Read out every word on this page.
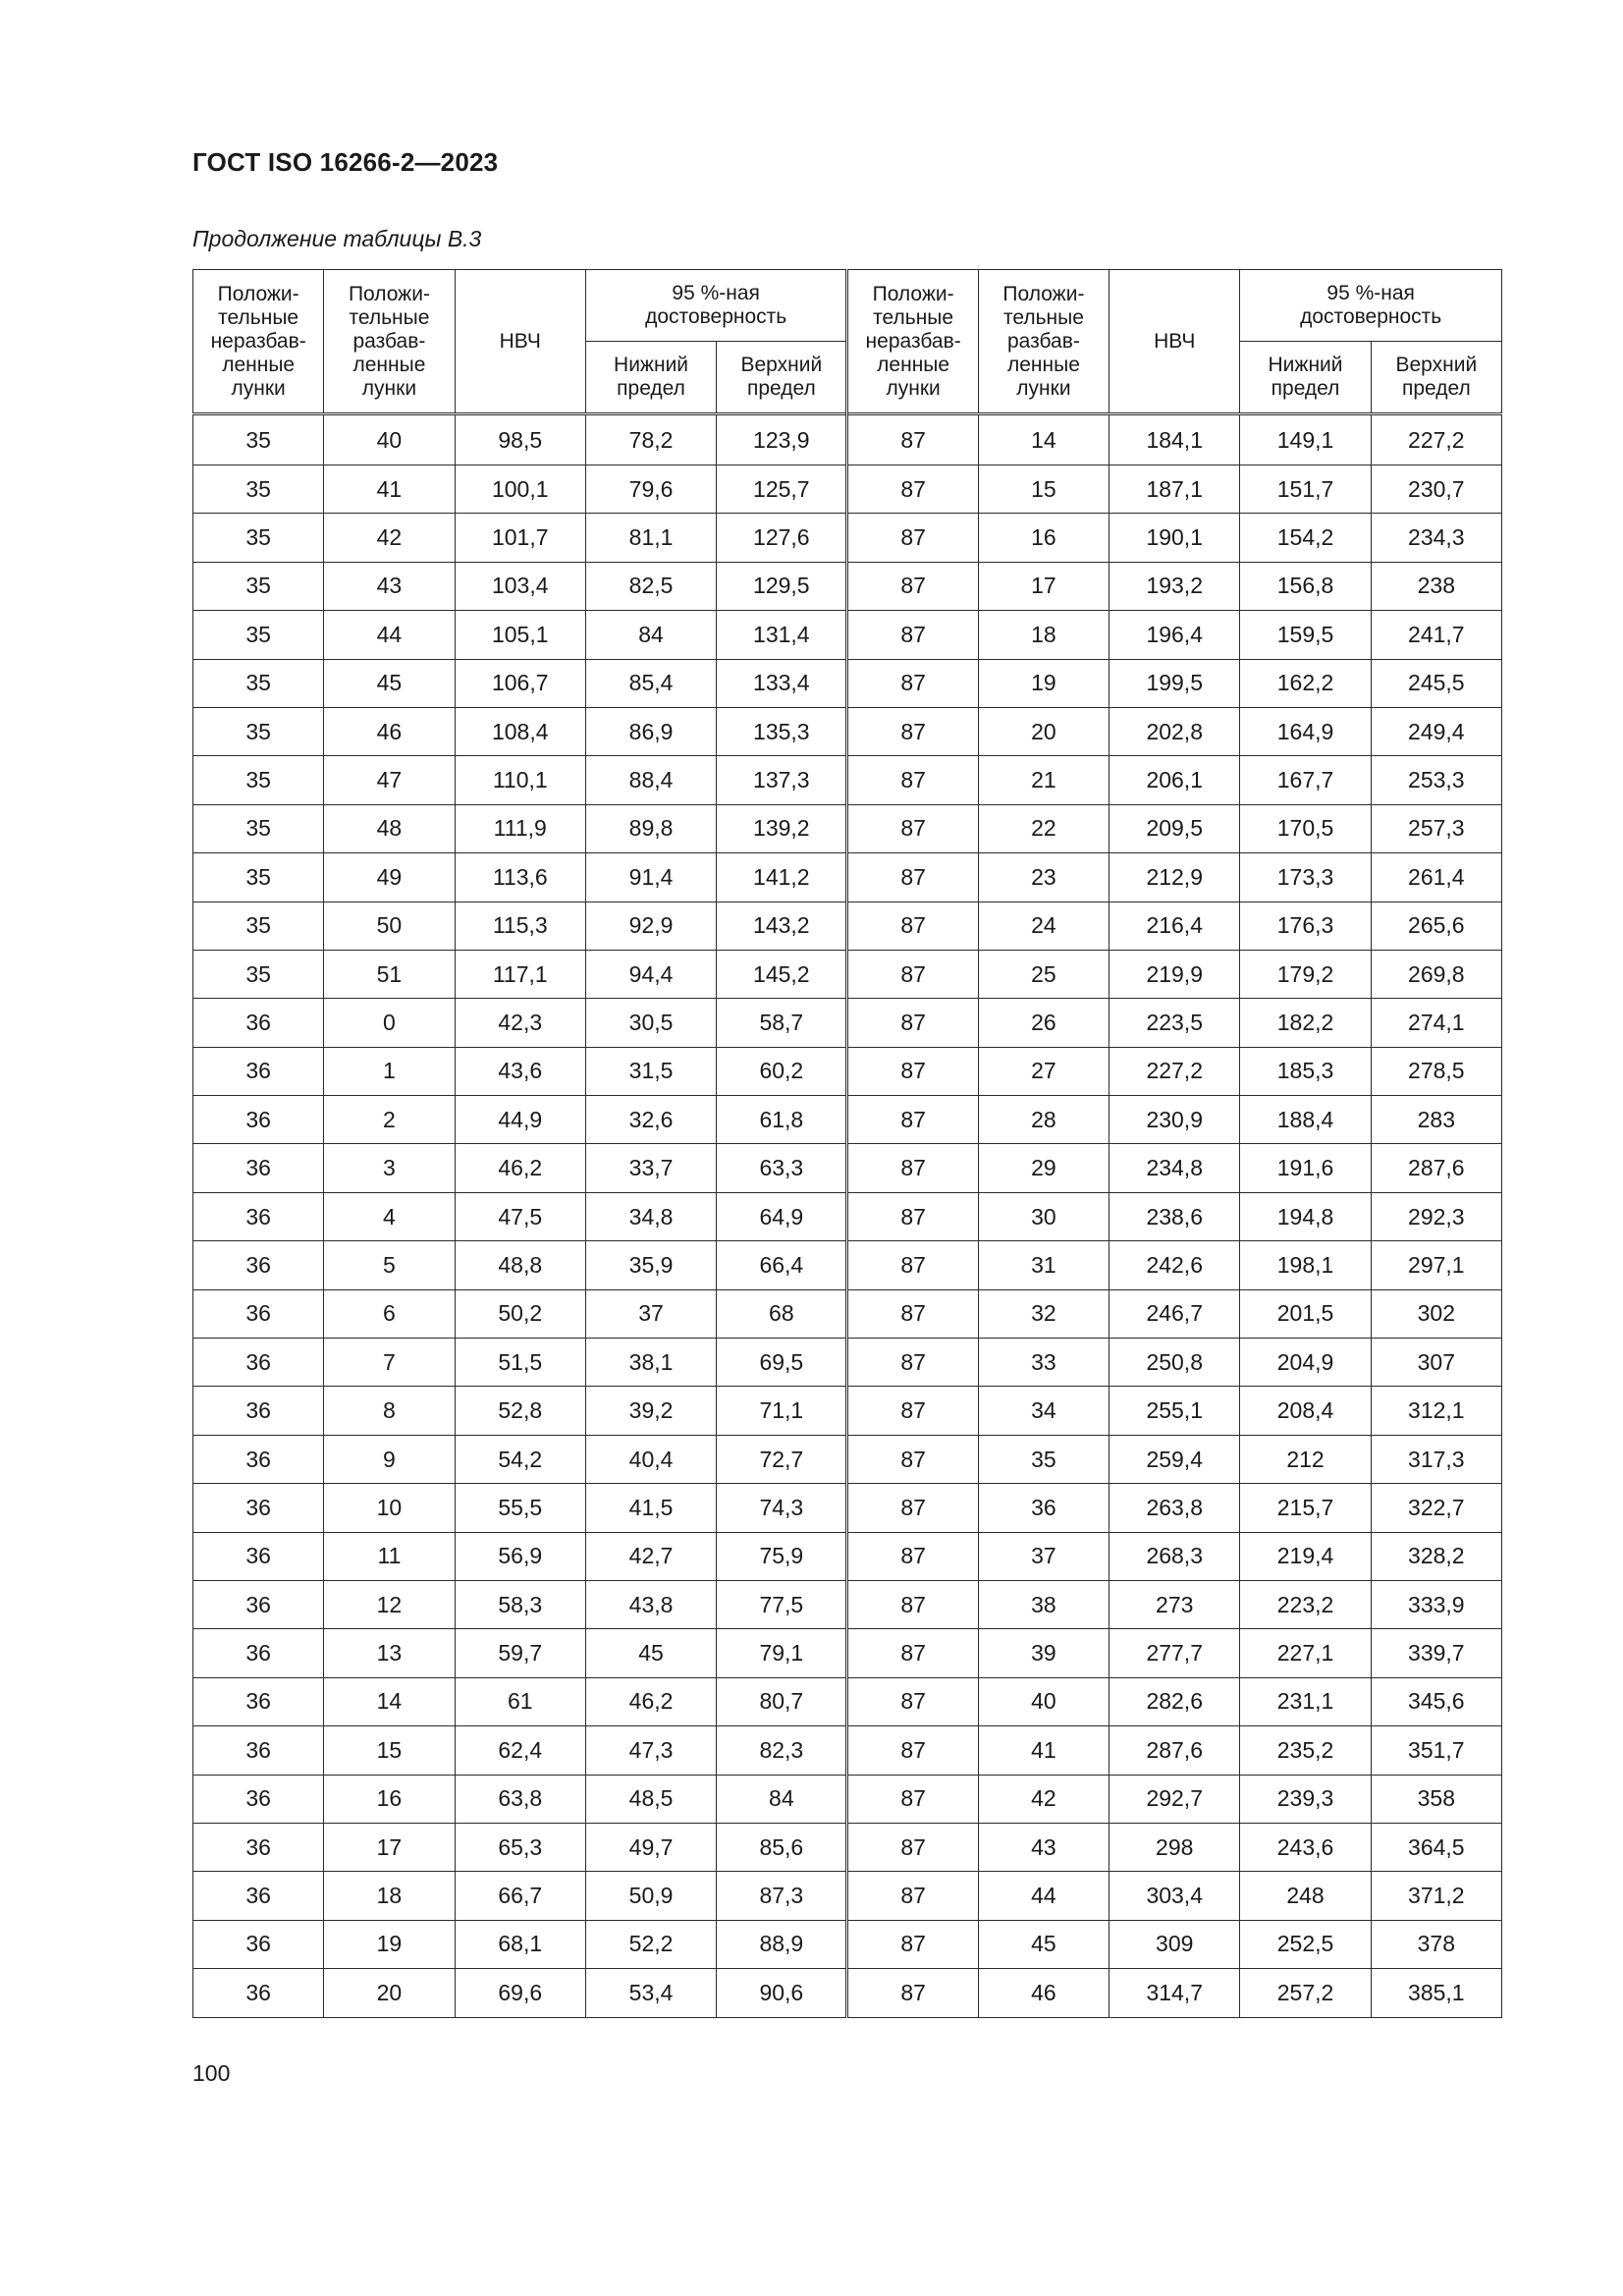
ГОСТ ISO 16266-2—2023
Продолжение таблицы В.3
Положи-
тельные
неразбав-
ленные
лунки	Положи-
тельные
разбав-
ленные
лунки	НВЧ	95 %-ная
достоверность		Положи-
тельные
неразбав-
ленные
лунки	Положи-
тельные
разбав-
ленные
лунки	НВЧ	95 %-ная
достоверность	
			Нижний
предел	Верхний
предел				Нижний
предел	Верхний
предел
35	40	98,5	78,2	123,9	87	14	184,1	149,1	227,2
35	41	100,1	79,6	125,7	87	15	187,1	151,7	230,7
35	42	101,7	81,1	127,6	87	16	190,1	154,2	234,3
35	43	103,4	82,5	129,5	87	17	193,2	156,8	238
35	44	105,1	84	131,4	87	18	196,4	159,5	241,7
35	45	106,7	85,4	133,4	87	19	199,5	162,2	245,5
35	46	108,4	86,9	135,3	87	20	202,8	164,9	249,4
35	47	110,1	88,4	137,3	87	21	206,1	167,7	253,3
35	48	111,9	89,8	139,2	87	22	209,5	170,5	257,3
35	49	113,6	91,4	141,2	87	23	212,9	173,3	261,4
35	50	115,3	92,9	143,2	87	24	216,4	176,3	265,6
35	51	117,1	94,4	145,2	87	25	219,9	179,2	269,8
36	0	42,3	30,5	58,7	87	26	223,5	182,2	274,1
36	1	43,6	31,5	60,2	87	27	227,2	185,3	278,5
36	2	44,9	32,6	61,8	87	28	230,9	188,4	283
36	3	46,2	33,7	63,3	87	29	234,8	191,6	287,6
36	4	47,5	34,8	64,9	87	30	238,6	194,8	292,3
36	5	48,8	35,9	66,4	87	31	242,6	198,1	297,1
36	6	50,2	37	68	87	32	246,7	201,5	302
36	7	51,5	38,1	69,5	87	33	250,8	204,9	307
36	8	52,8	39,2	71,1	87	34	255,1	208,4	312,1
36	9	54,2	40,4	72,7	87	35	259,4	212	317,3
36	10	55,5	41,5	74,3	87	36	263,8	215,7	322,7
36	11	56,9	42,7	75,9	87	37	268,3	219,4	328,2
36	12	58,3	43,8	77,5	87	38	273	223,2	333,9
36	13	59,7	45	79,1	87	39	277,7	227,1	339,7
36	14	61	46,2	80,7	87	40	282,6	231,1	345,6
36	15	62,4	47,3	82,3	87	41	287,6	235,2	351,7
36	16	63,8	48,5	84	87	42	292,7	239,3	358
36	17	65,3	49,7	85,6	87	43	298	243,6	364,5
36	18	66,7	50,9	87,3	87	44	303,4	248	371,2
36	19	68,1	52,2	88,9	87	45	309	252,5	378
36	20	69,6	53,4	90,6	87	46	314,7	257,2	385,1
100
